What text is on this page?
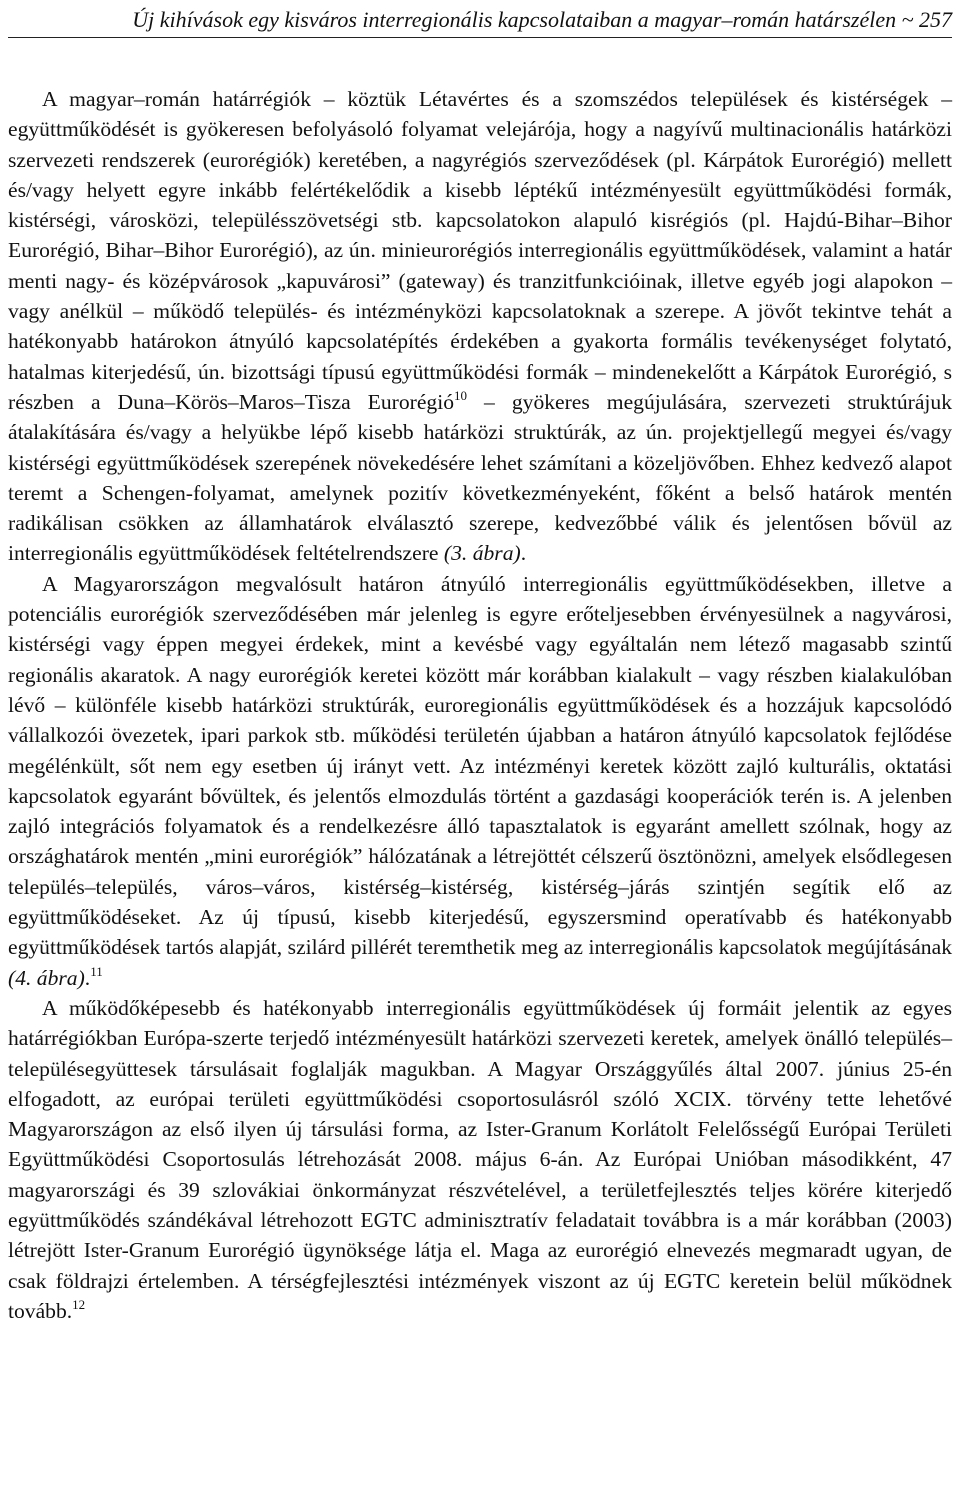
Új kihívások egy kisváros interregionális kapcsolataiban a magyar–román határszélen ~ 257

A magyar–román határrégiók – köztük Létavértes és a szomszédos települések és kistérségek – együttműködését is gyökeresen befolyásoló folyamat velejárója, hogy a nagyívű multinacionális határközi szervezeti rendszerek (eurorégiók) keretében, a nagyrégiós szerveződések (pl. Kárpátok Eurorégió) mellett és/vagy helyett egyre inkább felértékelődik a kisebb léptékű intézményesült együttműködési formák, kistérségi, városközi, településszövetségi stb. kapcsolatokon alapuló kisrégiós (pl. Hajdú-Bihar–Bihor Eurorégió, Bihar–Bihor Eurorégió), az ún. minieurorégiós interregionális együttműködések, valamint a határ menti nagy- és középvárosok „kapuvárosi” (gateway) és tranzitfunkcióinak, illetve egyéb jogi alapokon – vagy anélkül – működő település- és intézményközi kapcsolatoknak a szerepe. A jövőt tekintve tehát a hatékonyabb határokon átnyúló kapcsolatépítés érdekében a gyakorta formális tevékenységet folytató, hatalmas kiterjedésű, ún. bizottsági típusú együttműködési formák – mindenekelőtt a Kárpátok Eurorégió, s részben a Duna–Körös–Maros–Tisza Eurorégió$^{10}$ – gyökeres megújulására, szervezeti struktúrájuk átalakítására és/vagy a helyükbe lépő kisebb határközi struktúrák, az ún. projektjellegű megyei és/vagy kistérségi együttműködések szerepének növekedésére lehet számítani a közeljövőben. Ehhez kedvező alapot teremt a Schengen-folyamat, amelynek pozitív következményeként, főként a belső határok mentén radikálisan csökken az államhatárok elválasztó szerepe, kedvezőbbé válik és jelentősen bővül az interregionális együttműködések feltételrendszere (3. ábra).

A Magyarországon megvalósult határon átnyúló interregionális együttműködésekben, illetve a potenciális eurorégiók szerveződésében már jelenleg is egyre erőteljesebben érvényesülnek a nagyvárosi, kistérségi vagy éppen megyei érdekek, mint a kevésbé vagy egyáltalán nem létező magasabb szintű regionális akaratok. A nagy eurorégiók keretei között már korábban kialakult – vagy részben kialakulóban lévő – különféle kisebb határközi struktúrák, euroregionális együttműködések és a hozzájuk kapcsolódó vállalkozói övezetek, ipari parkok stb. működési területén újabban a határon átnyúló kapcsolatok fejlődése megélénkült, sőt nem egy esetben új irányt vett. Az intézményi keretek között zajló kulturális, oktatási kapcsolatok egyaránt bővültek, és jelentős elmozdulás történt a gazdasági kooperációk terén is. A jelenben zajló integrációs folyamatok és a rendelkezésre álló tapasztalatok is egyaránt amellett szólnak, hogy az országhatárok mentén „mini eurorégiók” hálózatának a létrejöttét célszerű ösztönözni, amelyek elsődlegesen település–település, város–város, kistérség–kistérség, kistérség–járás szintjén segítik elő az együttműködéseket. Az új típusú, kisebb kiterjedésű, egyszersmind operatívabb és hatékonyabb együttműködések tartós alapját, szilárd pillérét teremthetik meg az interregionális kapcsolatok megújításának (4. ábra).$^{11}$

A működőképesebb és hatékonyabb interregionális együttműködések új formáit jelentik az egyes határrégiókban Európa-szerte terjedő intézményesült határközi szervezeti keretek, amelyek önálló település–településegyüttesek társulásait foglalják magukban. A Magyar Országgyűlés által 2007. június 25-én elfogadott, az európai területi együttműködési csoportosulásról szóló XCIX. törvény tette lehetővé Magyarországon az első ilyen új társulási forma, az Ister-Granum Korlátolt Felelősségű Európai Területi Együttműködési Csoportosulás létrehozását 2008. május 6-án. Az Európai Unióban másodikként, 47 magyarországi és 39 szlovákiai önkormányzat részvételével, a területfejlesztés teljes körére kiterjedő együttműködés szándékával létrehozott EGTC adminisztratív feladatait továbbra is a már korábban (2003) létrejött Ister-Granum Eurorégió ügynöksége látja el. Maga az eurorégió elnevezés megmaradt ugyan, de csak földrajzi értelemben. A térségfejlesztési intézmények viszont az új EGTC keretein belül működnek tovább.$^{12}$
